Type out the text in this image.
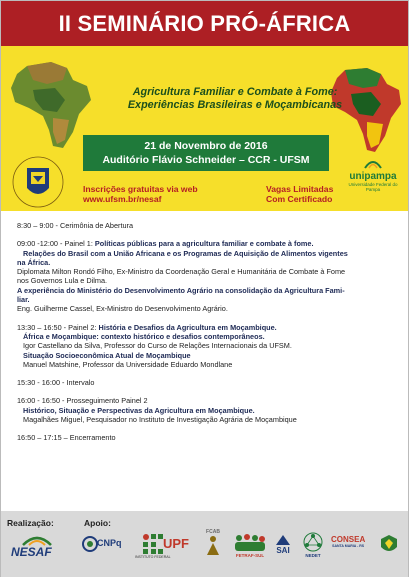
II SEMINÁRIO PRÓ-ÁFRICA
Agricultura Familiar e Combate à Fome:
Experiências Brasileiras e Moçambicanas
21 de Novembro de 2016
Auditório Flávio Schneider – CCR - UFSM
unipampa
Universidade Federal do Pampa
Inscrições gratuitas via web
www.ufsm.br/nesaf
Vagas Limitadas
Com Certificado

8:30 – 9:00 - Cerimônia de Abertura

09:00 -12:00 - Painel 1: Políticas públicas para a agricultura familiar e combate à fome.

Relações do Brasil com a União Africana e os Programas de Aquisição de Alimentos vigentes

na África.

Diplomata Milton Rondó Filho, Ex-Ministro da Coordenação Geral e Humanitária de Combate à Fome

nos Governos Lula e Dilma.

A experiência do Ministério do Desenvolvimento Agrário na consolidação da Agricultura Fami-

liar.

Eng. Guilherme Cassel, Ex-Ministro do Desenvolvimento Agrário.

13:30 – 16:50 - Painel 2: História e Desafios da Agricultura em Moçambique.

África e Moçambique: contexto histórico e desafios contemporâneos.

Igor Castellano da Silva, Professor do Curso de Relações Internacionais da UFSM.

Situação Socioeconômica Atual de Moçambique

Manuel Matshine, Professor da Universidade Eduardo Mondlane

15:30 - 16:00 - Intervalo

16:00 - 16:50 - Prosseguimento Painel 2

Histórico, Situação e Perspectivas da Agricultura em Moçambique.

Magalhães Miguel, Pesquisador no Instituto de Investigação Agrária de Moçambique

16:50 – 17:15 – Encerramento

Realização:	Apoio:
NESAF
CNPq
INSTITUTO FEDERAL
UPF
FCAB
FETRAF-SUL
SAI
NEDET
CONSEA
SANTA MARIA - RS
